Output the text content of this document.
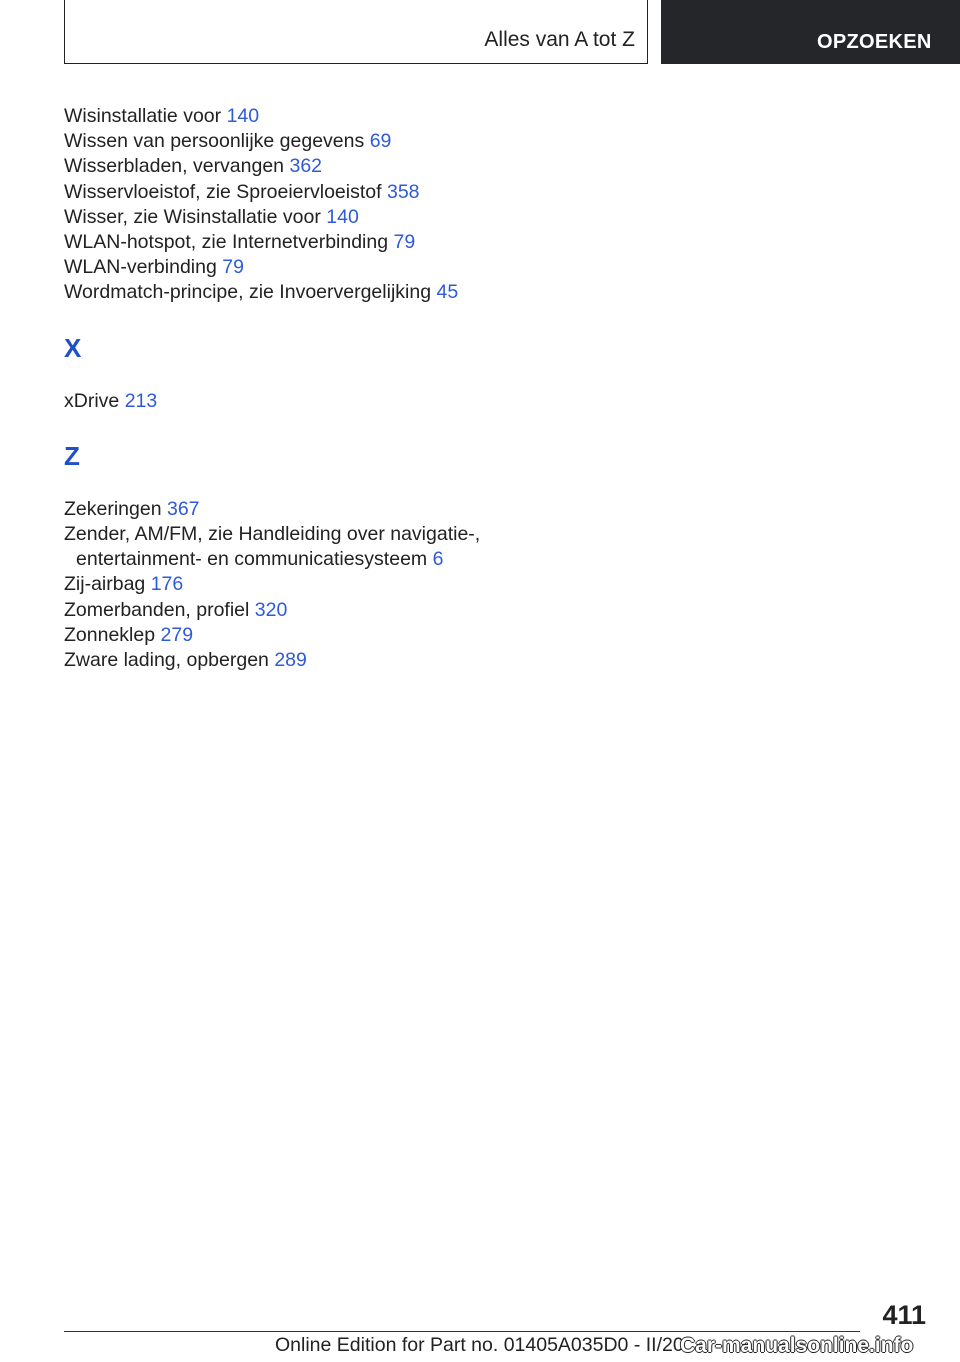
Alles van A tot Z	OPZOEKEN
Wisinstallatie voor 140
Wissen van persoonlijke gegevens 69
Wisserbladen, vervangen 362
Wisservloeistof, zie Sproeiervloeistof 358
Wisser, zie Wisinstallatie voor 140
WLAN-hotspot, zie Internetverbinding 79
WLAN-verbinding 79
Wordmatch-principe, zie Invoervergelijking 45
X
xDrive 213
Z
Zekeringen 367
Zender, AM/FM, zie Handleiding over navigatie-,
entertainment- en communicatiesysteem 6
Zij-airbag 176
Zomerbanden, profiel 320
Zonneklep 279
Zware lading, opbergen 289
411
Online Edition for Part no. 01405A035D0 - II/20
Car-manualsonline.info
